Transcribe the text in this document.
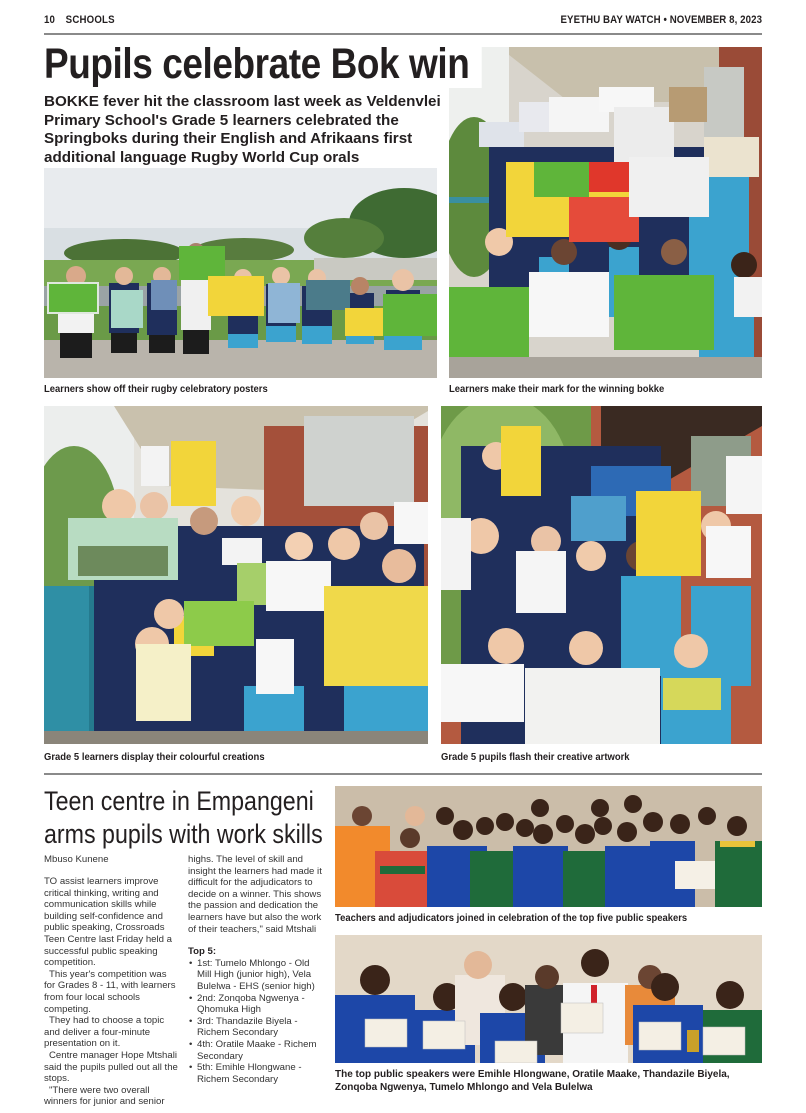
10 SCHOOLS	EYETHU BAY WATCH • NOVEMBER 8, 2023
Pupils celebrate Bok win

BOKKE fever hit the classroom last week as Veldenvlei Primary School's Grade 5 learners celebrated the Springboks during their English and Afrikaans first additional language Rugby World Cup orals

Learners show off their rugby celebratory posters	Learners make their mark for the winning bokke
Grade 5 learners display their colourful creations	Grade 5 pupils flash their creative artwork
Teen centre in Empangeni
arms pupils with work skills
Mbuso Kunene

TO assist learners improve critical thinking, writing and communication skills while building self-confidence and public speaking, Crossroads Teen Centre last Friday held a successful public speaking competition.

This year's competition was for Grades 8 - 11, with learners from four local schools competing.

They had to choose a topic and deliver a four-minute presentation on it.

Centre manager Hope Mtshali said the pupils pulled out all the stops.

"There were two overall winners for junior and senior

highs. The level of skill and insight the learners had made it difficult for the adjudicators to decide on a winner. This shows the passion and dedication the learners have but also the work of their teachers," said Mtshali

Top 5:

• 1st: Tumelo Mhlongo - Old Mill High (junior high), Vela Bulelwa - EHS (senior high)
• 2nd: Zonqoba Ngwenya - Qhomuka High
• 3rd: Thandazile Biyela - Richem Secondary
• 4th: Oratile Maake - Richem Secondary
• 5th: Emihle Hlongwane - Richem Secondary
Teachers and adjudicators joined in celebration of the top five public speakers
The top public speakers were Emihle Hlongwane, Oratile Maake, Thandazile Biyela, Zonqoba Ngwenya, Tumelo Mhlongo and Vela Bulelwa
